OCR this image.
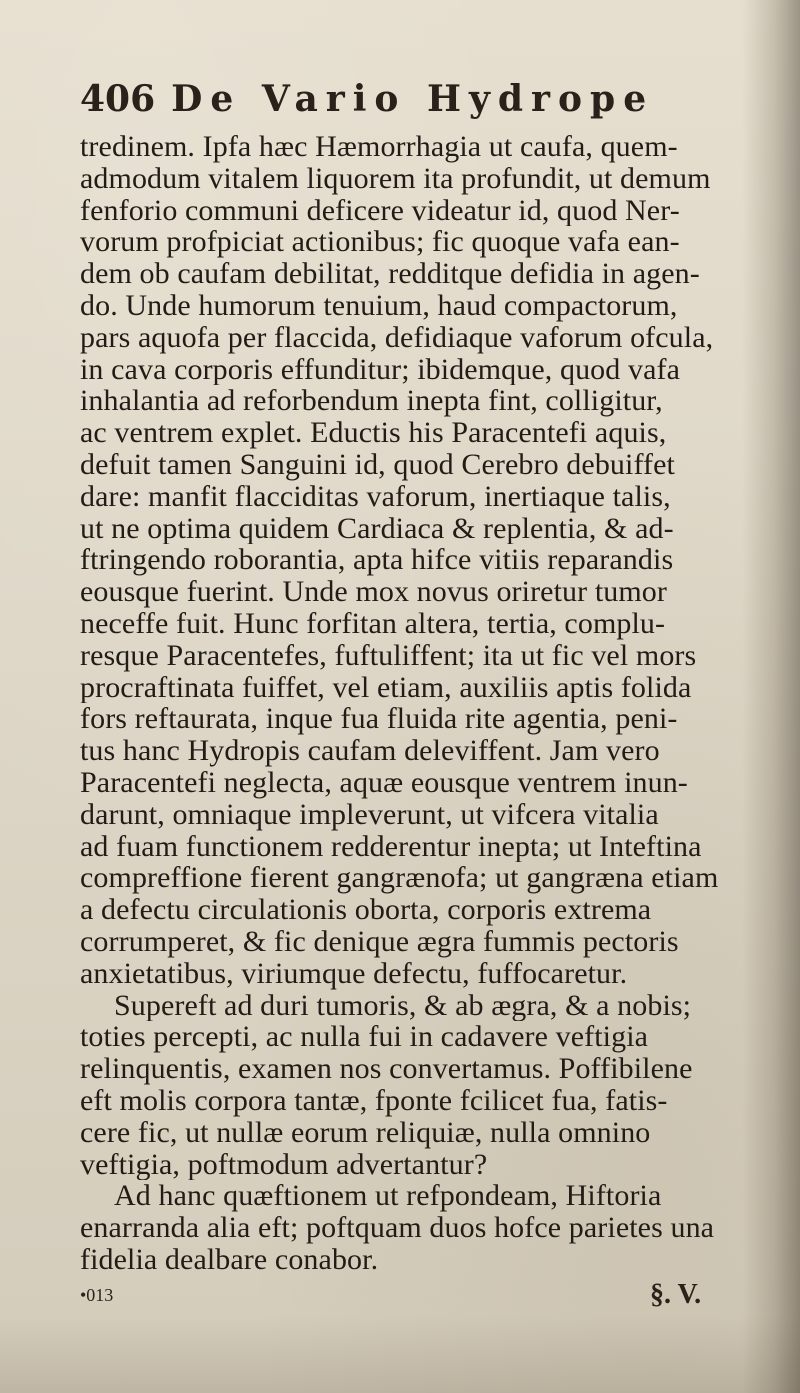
406 De Vario Hydrope
tredinem. Ipfa hæc Hæmorrhagia ut caufa, quem-
admodum vitalem liquorem ita profundit, ut demum
fenforio communi deficere videatur id, quod Ner-
vorum profpiciat actionibus; fic quoque vafa ean-
dem ob caufam debilitat, redditque defidia in agen-
do. Unde humorum tenuium, haud compactorum,
pars aquofa per flaccida, defidiaque vaforum ofcula,
in cava corporis effunditur; ibidemque, quod vafa
inhalantia ad reforbendum inepta fint, colligitur,
ac ventrem explet. Eductis his Paracentefi aquis,
defuit tamen Sanguini id, quod Cerebro debuiffet
dare: manfit flacciditas vaforum, inertiaque talis,
ut ne optima quidem Cardiaca & replentia, & ad-
ftringendo roborantia, apta hifce vitiis reparandis
eousque fuerint. Unde mox novus oriretur tumor
neceffe fuit. Hunc forfitan altera, tertia, complu-
resque Paracentefes, fuftuliffent; ita ut fic vel mors
procraftinata fuiffet, vel etiam, auxiliis aptis folida
fors reftaurata, inque fua fluida rite agentia, peni-
tus hanc Hydropis caufam deleviffent. Jam vero
Paracentefi neglecta, aquæ eousque ventrem inun-
darunt, omniaque impleverunt, ut vifcera vitalia
ad fuam functionem redderentur inepta; ut Inteftina
compreffione fierent gangrænofa; ut gangræna etiam
a defectu circulationis oborta, corporis extrema
corrumperet, & fic denique ægra fummis pectoris
anxietatibus, viriumque defectu, fuffocaretur.
Supereft ad duri tumoris, & ab ægra, & a nobis;
toties percepti, ac nulla fui in cadavere veftigia
relinquentis, examen nos convertamus. Poffibilene
eft molis corpora tantæ, fponte fcilicet fua, fatis-
cere fic, ut nullæ eorum reliquiæ, nulla omnino
veftigia, poftmodum advertantur?
Ad hanc quæftionem ut refpondeam, Hiftoria
enarranda alia eft; poftquam duos hofce parietes una
fidelia dealbare conabor.
•013	§. V.
